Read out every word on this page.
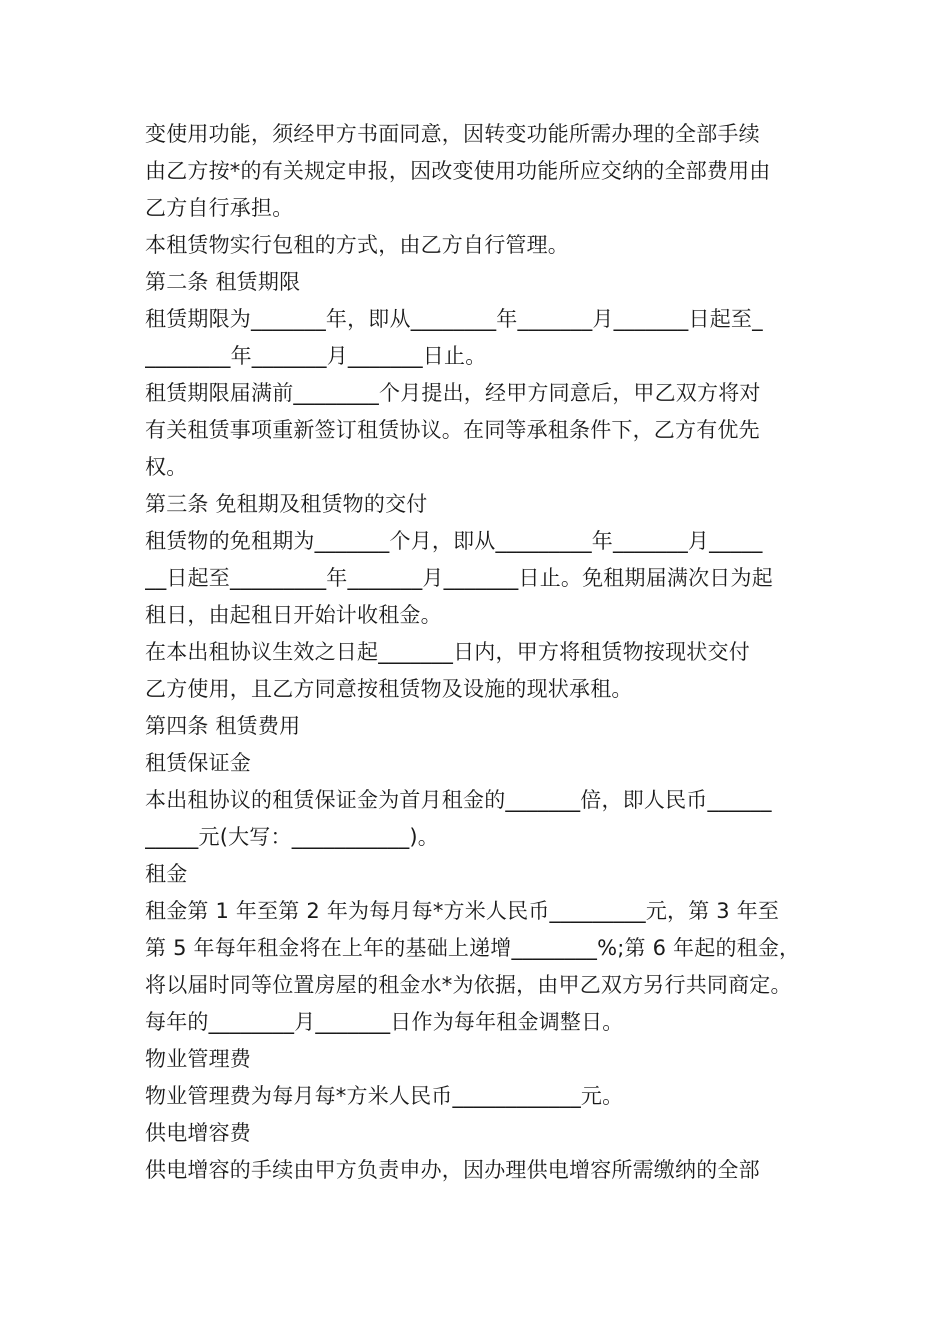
变使用功能，须经甲方书面同意，因转变功能所需办理的全部手续
由乙方按*的有关规定申报，因改变使用功能所应交纳的全部费用由
乙方自行承担。
本租赁物实行包租的方式，由乙方自行管理。
第二条 租赁期限
租赁期限为_______年，即从________年_______月_______日起至_
________年_______月_______日止。
租赁期限届满前________个月提出，经甲方同意后，甲乙双方将对
有关租赁事项重新签订租赁协议。在同等承租条件下，乙方有优先
权。
第三条 免租期及租赁物的交付
租赁物的免租期为_______个月，即从_________年_______月_____
__日起至_________年_______月_______日止。免租期届满次日为起
租日，由起租日开始计收租金。
在本出租协议生效之日起_______日内，甲方将租赁物按现状交付
乙方使用，且乙方同意按租赁物及设施的现状承租。
第四条 租赁费用
租赁保证金
本出租协议的租赁保证金为首月租金的_______倍，即人民币______
_____元(大写：___________)。
租金
租金第 1 年至第 2 年为每月每*方米人民币_________元，第 3 年至
第 5 年每年租金将在上年的基础上递增________%;第 6 年起的租金，
将以届时同等位置房屋的租金水*为依据，由甲乙双方另行共同商定。
每年的________月_______日作为每年租金调整日。
物业管理费
物业管理费为每月每*方米人民币____________元。
供电增容费
供电增容的手续由甲方负责申办，因办理供电增容所需缴纳的全部
